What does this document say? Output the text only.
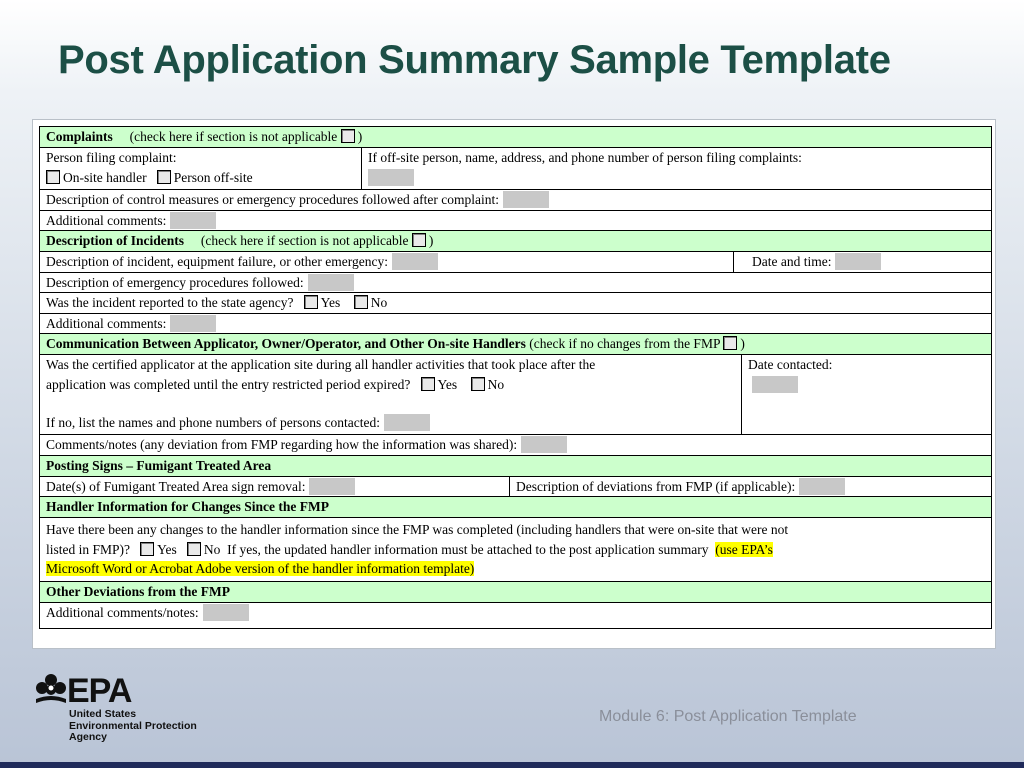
Post Application Summary Sample Template
Complaints (check here if section is not applicable )				

Person filing complaint:
On-site handler Person off-site	If off-site person, name, address, and phone number of person filing complaints:			

Description of control measures or emergency procedures followed after complaint:				
Additional comments:				
Description of Incidents (check here if section is not applicable )				
Description of incident, equipment failure, or other emergency:			Date and time:	
Description of emergency procedures followed:				
Was the incident reported to the state agency? Yes No				
Additional comments:				
Communication Between Applicator, Owner/Operator, and Other On-site Handlers (check if no changes from the FMP )				

Was the certified applicator at the application site during all handler activities that took place after the
application was completed until the entry restricted period expired? Yes No
If no, list the names and phone numbers of persons contacted:				Date contacted:

Comments/notes (any deviation from FMP regarding how the information was shared):				
Posting Signs – Fumigant Treated Area				
Date(s) of Fumigant Treated Area sign removal:		Description of deviations from FMP (if applicable):		
Handler Information for Changes Since the FMP				

Have there been any changes to the handler information since the FMP was completed (including handlers that were on-site that were not
listed in FMP)? Yes No If yes, the updated handler information must be attached to the post application summary (use EPA’s
Microsoft Word or Acrobat Adobe version of the handler information template)				

Other Deviations from the FMP				
Additional comments/notes:				
EPA
United States
Environmental Protection
Agency
Module 6: Post Application Template
